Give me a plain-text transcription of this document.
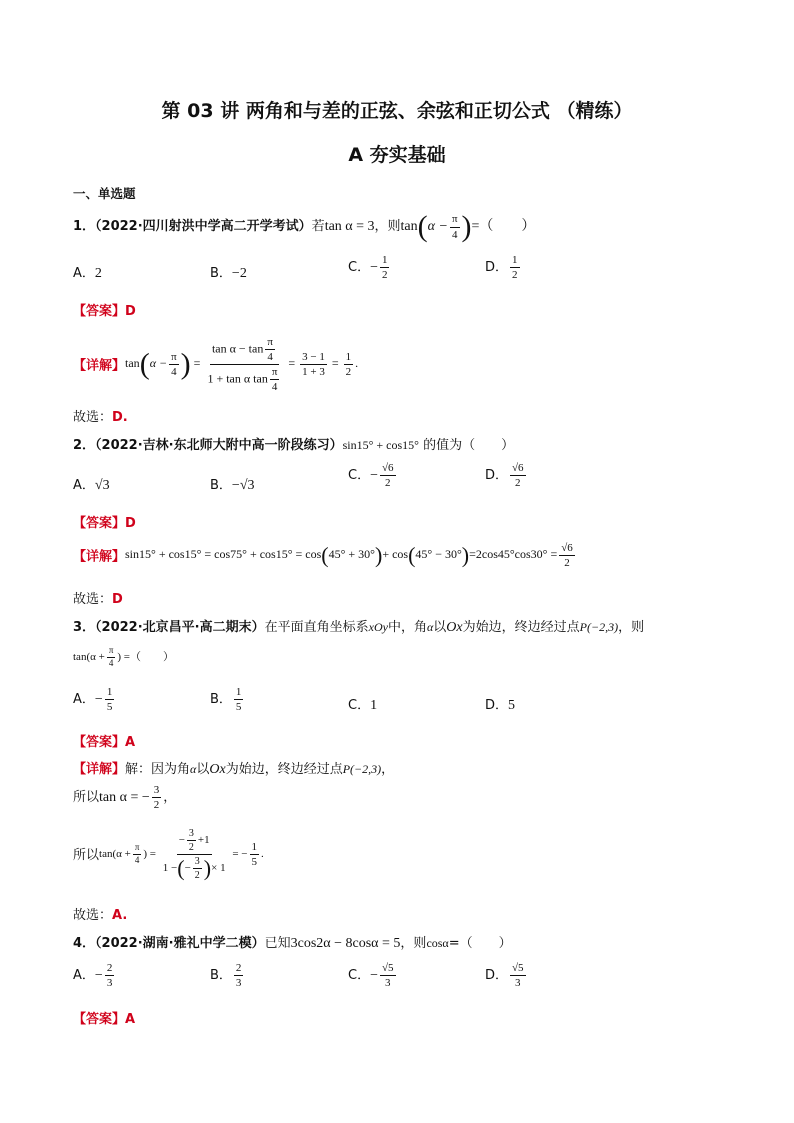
第 03 讲 两角和与差的正弦、余弦和正切公式 （精练）
A 夯实基础
一、单选题
1．（2022·四川射洪中学高二开学考试）若tan α = 3，则$\tan(\alpha - \frac{\pi}{4}$ )=（　　）
A．2	B．−2	C．− $\frac{1}{2}$	D． $\frac{1}{2}$
【答案】D
【详解】$\tan(\alpha - \frac{\pi}{4}$ ) = $\frac{\tan \alpha - \tan \frac{\pi}{4}}{1 + \tan \alpha \tan \frac{\pi}{4}} = \frac{3 - 1}{1 + 3} = \frac{1}{2}$ .
故选：D.
2．（2022·吉林·东北师大附中高一阶段练习）sin15° + cos15° 的值为（　　）
A．√3	B．−√3
C．− $\frac{√6}{2}$	D． $\frac{√6}{2}$
【答案】D
【详解】$\sin 15^\circ + \cos 15^\circ = \cos 75^\circ + \cos 15^\circ = \cos(45^\circ + 30^\circ)+ \cos(45^\circ - 30^\circ)=2\cos 45^\circ\cos 30^\circ = \frac{√6}{2}$
故选：D
3．（2022·北京昌平·高二期末）在平面直角坐标系xOy中，角α以Ox为始边，终边经过点P(−2,3)，则
$\tan(\alpha + \frac{\pi}{4}$ ) =（　　）
A．− $\frac{1}{5}$	B． $\frac{1}{5}$	C．1	D．5
【答案】A
【详解】解：因为角α以Ox为始边，终边经过点P(−2,3)，
所以tan α = − $\frac{3}{2}$ ，
所以$\tan(\alpha + \frac{\pi}{4}$ ) = $\frac{- \frac{3}{2} +1}{1 -(- \frac{3}{2} )\times 1}$ = − $\frac{1}{5}$ .
故选：A.
4．（2022·湖南·雅礼中学二模）已知3cos2α − 8cosα = 5，则cosα=（　　）
A．− $\frac{2}{3}$	B． $\frac{2}{3}$	C．− $\frac{√5}{3}$	D． $\frac{√5}{3}$
【答案】A
